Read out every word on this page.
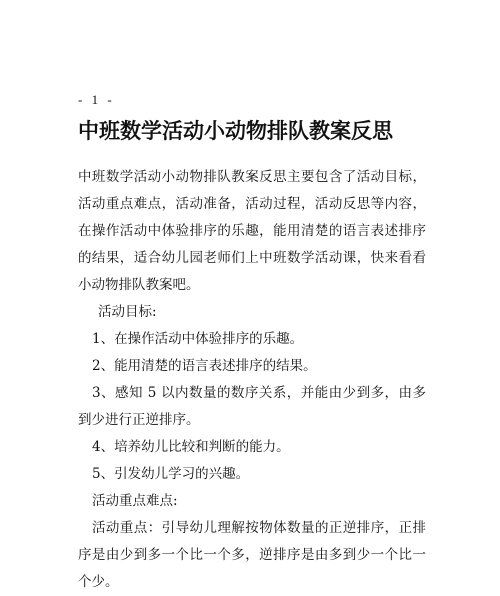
- 1 -
中班数学活动小动物排队教案反思

中班数学活动小动物排队教案反思主要包含了活动目标，活动重点难点，活动准备，活动过程，活动反思等内容，在操作活动中体验排序的乐趣，能用清楚的语言表述排序的结果，适合幼儿园老师们上中班数学活动课，快来看看小动物排队教案吧。

活动目标:

1、在操作活动中体验排序的乐趣。

2、能用清楚的语言表述排序的结果。

3、感知 5 以内数量的数序关系，并能由少到多，由多到少进行正逆排序。

4、培养幼儿比较和判断的能力。

5、引发幼儿学习的兴趣。

活动重点难点:

活动重点：引导幼儿理解按物体数量的正逆排序，正排序是由少到多一个比一个多，逆排序是由多到少一个比一个少。
